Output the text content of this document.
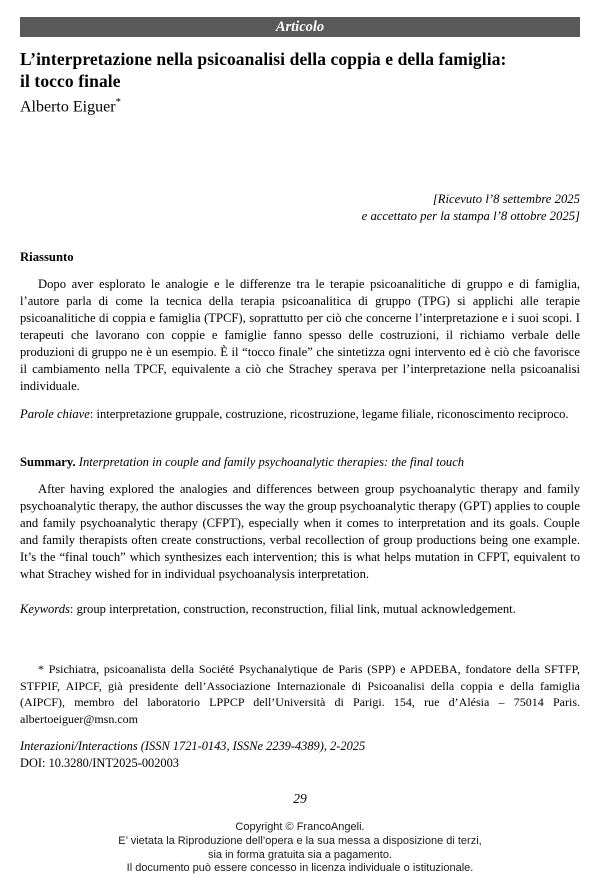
Articolo
L’interpretazione nella psicoanalisi della coppia e della famiglia:
il tocco finale
Alberto Eiguer*
[Ricevuto l’8 settembre 2025
e accettato per la stampa l’8 ottobre 2025]
Riassunto
Dopo aver esplorato le analogie e le differenze tra le terapie psicoanalitiche di gruppo e di famiglia, l’autore parla di come la tecnica della terapia psicoanalitica di gruppo (TPG) si applichi alle terapie psicoanalitiche di coppia e famiglia (TPCF), soprattutto per ciò che concerne l’interpretazione e i suoi scopi. I terapeuti che lavorano con coppie e famiglie fanno spesso delle costruzioni, il richiamo verbale delle produzioni di gruppo ne è un esempio. È il “tocco finale” che sintetizza ogni intervento ed è ciò che favorisce il cambiamento nella TPCF, equivalente a ciò che Strachey sperava per l’interpretazione nella psicoanalisi individuale.
Parole chiave: interpretazione gruppale, costruzione, ricostruzione, legame filiale, riconoscimento reciproco.
Summary. Interpretation in couple and family psychoanalytic therapies: the final touch
After having explored the analogies and differences between group psychoanalytic therapy and family psychoanalytic therapy, the author discusses the way the group psychoanalytic therapy (GPT) applies to couple and family psychoanalytic therapy (CFPT), especially when it comes to interpretation and its goals. Couple and family therapists often create constructions, verbal recollection of group productions being one example. It’s the “final touch” which synthesizes each intervention; this is what helps mutation in CFPT, equivalent to what Strachey wished for in individual psychoanalysis interpretation.
Keywords: group interpretation, construction, reconstruction, filial link, mutual acknowledgement.
* Psichiatra, psicoanalista della Société Psychanalytique de Paris (SPP) e APDEBA, fondatore della SFTFP, STFPIF, AIPCF, già presidente dell’Associazione Internazionale di Psicoanalisi della coppia e della famiglia (AIPCF), membro del laboratorio LPPCP dell’Università di Parigi. 154, rue d’Alésia – 75014 Paris. albertoeiguer@msn.com
Interazioni/Interactions (ISSN 1721-0143, ISSNe 2239-4389), 2-2025
DOI: 10.3280/INT2025-002003
29
Copyright © FrancoAngeli.
E’ vietata la Riproduzione dell’opera e la sua messa a disposizione di terzi,
sia in forma gratuita sia a pagamento.
Il documento può essere concesso in licenza individuale o istituzionale.
